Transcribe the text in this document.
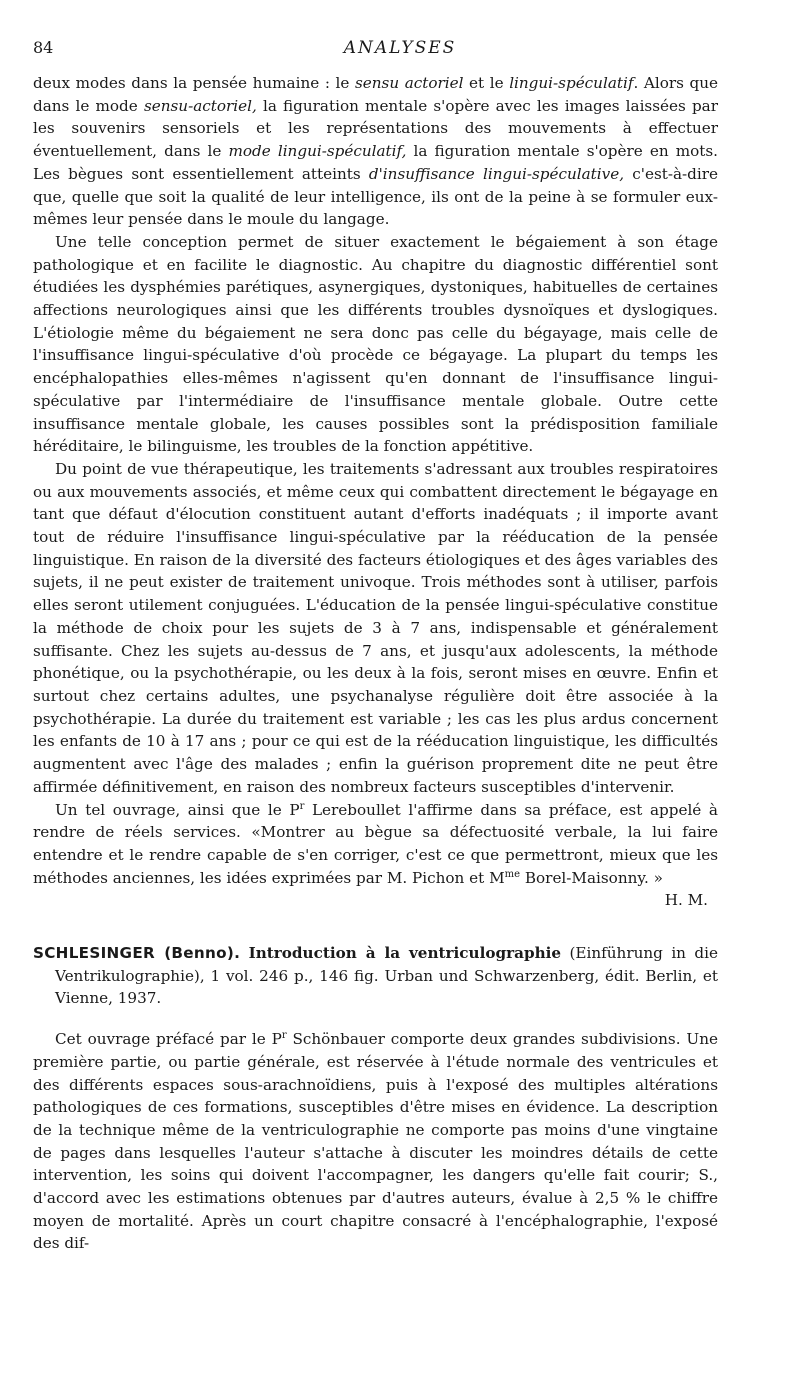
84	ANALYSES

deux modes dans la pensée humaine : le sensu actoriel et le lingui-spéculatif. Alors que dans le mode sensu-actoriel, la figuration mentale s'opère avec les images laissées par les souvenirs sensoriels et les représentations des mouvements à effectuer éventuellement, dans le mode lingui-spéculatif, la figuration mentale s'opère en mots. Les bègues sont essentiellement atteints d'insuffisance lingui-spéculative, c'est-à-dire que, quelle que soit la qualité de leur intelligence, ils ont de la peine à se formuler eux-mêmes leur pensée dans le moule du langage.

Une telle conception permet de situer exactement le bégaiement à son étage pathologique et en facilite le diagnostic. Au chapitre du diagnostic différentiel sont étudiées les dysphémies parétiques, asynergiques, dystoniques, habituelles de certaines affections neurologiques ainsi que les différents troubles dysnoïques et dyslogiques. L'étiologie même du bégaiement ne sera donc pas celle du bégayage, mais celle de l'insuffisance lingui-spéculative d'où procède ce bégayage. La plupart du temps les encéphalopathies elles-mêmes n'agissent qu'en donnant de l'insuffisance lingui-spéculative par l'intermédiaire de l'insuffisance mentale globale. Outre cette insuffisance mentale globale, les causes possibles sont la prédisposition familiale héréditaire, le bilinguisme, les troubles de la fonction appétitive.

Du point de vue thérapeutique, les traitements s'adressant aux troubles respiratoires ou aux mouvements associés, et même ceux qui combattent directement le bégayage en tant que défaut d'élocution constituent autant d'efforts inadéquats ; il importe avant tout de réduire l'insuffisance lingui-spéculative par la rééducation de la pensée linguistique. En raison de la diversité des facteurs étiologiques et des âges variables des sujets, il ne peut exister de traitement univoque. Trois méthodes sont à utiliser, parfois elles seront utilement conjuguées. L'éducation de la pensée lingui-spéculative constitue la méthode de choix pour les sujets de 3 à 7 ans, indispensable et généralement suffisante. Chez les sujets au-dessus de 7 ans, et jusqu'aux adolescents, la méthode phonétique, ou la psychothérapie, ou les deux à la fois, seront mises en œuvre. Enfin et surtout chez certains adultes, une psychanalyse régulière doit être associée à la psychothérapie. La durée du traitement est variable ; les cas les plus ardus concernent les enfants de 10 à 17 ans ; pour ce qui est de la rééducation linguistique, les difficultés augmentent avec l'âge des malades ; enfin la guérison proprement dite ne peut être affirmée définitivement, en raison des nombreux facteurs susceptibles d'intervenir.

Un tel ouvrage, ainsi que le $P^r$ Lereboullet l'affirme dans sa préface, est appelé à rendre de réels services. «Montrer au bègue sa défectuosité verbale, la lui faire entendre et le rendre capable de s'en corriger, c'est ce que permettront, mieux que les méthodes anciennes, les idées exprimées par M. Pichon et $M^{me}$ Borel-Maisonny. »

H. M.

SCHLESINGER (Benno). Introduction à la ventriculographie (Einführung in die Ventrikulographie), 1 vol. 246 p., 146 fig. Urban und Schwarzenberg, édit. Berlin, et Vienne, 1937.

Cet ouvrage préfacé par le $P^r$ Schönbauer comporte deux grandes subdivisions. Une première partie, ou partie générale, est réservée à l'étude normale des ventricules et des différents espaces sous-arachnoïdiens, puis à l'exposé des multiples altérations pathologiques de ces formations, susceptibles d'être mises en évidence. La description de la technique même de la ventriculographie ne comporte pas moins d'une vingtaine de pages dans lesquelles l'auteur s'attache à discuter les moindres détails de cette intervention, les soins qui doivent l'accompagner, les dangers qu'elle fait courir; S., d'accord avec les estimations obtenues par d'autres auteurs, évalue à 2,5 % le chiffre moyen de mortalité. Après un court chapitre consacré à l'encéphalographie, l'exposé des dif-
